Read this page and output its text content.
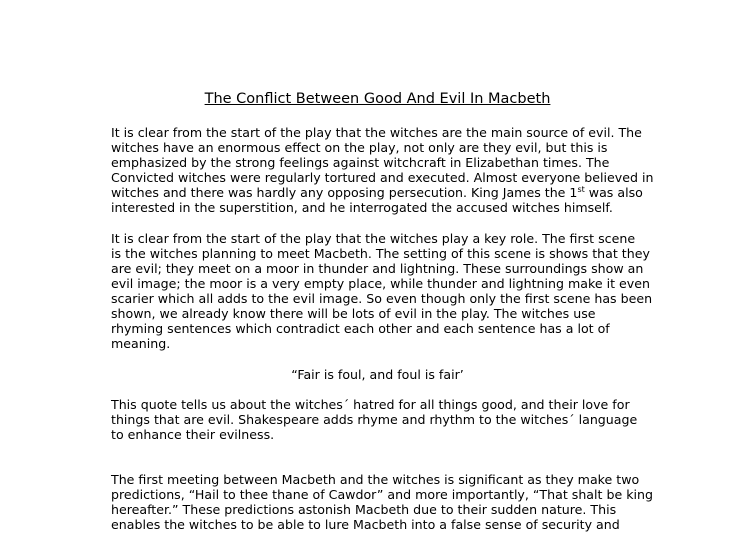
The Conflict Between Good And Evil In Macbeth
It is clear from the start of the play that the witches are the main source of evil. The
witches have an enormous effect on the play, not only are they evil, but this is
emphasized by the strong feelings against witchcraft in Elizabethan times. The
Convicted witches were regularly tortured and executed. Almost everyone believed in
witches and there was hardly any opposing persecution. King James the 1st was also
interested in the superstition, and he interrogated the accused witches himself.
It is clear from the start of the play that the witches play a key role. The first scene
is the witches planning to meet Macbeth. The setting of this scene is shows that they
are evil; they meet on a moor in thunder and lightning. These surroundings show an
evil image; the moor is a very empty place, while thunder and lightning make it even
scarier which all adds to the evil image. So even though only the first scene has been
shown, we already know there will be lots of evil in the play. The witches use
rhyming sentences which contradict each other and each sentence has a lot of
meaning.
“Fair is foul, and foul is fair’
This quote tells us about the witches´ hatred for all things good, and their love for
things that are evil. Shakespeare adds rhyme and rhythm to the witches´ language
to enhance their evilness.
The first meeting between Macbeth and the witches is significant as they make two
predictions, “Hail to thee thane of Cawdor” and more importantly, “That shalt be king
hereafter.” These predictions astonish Macbeth due to their sudden nature. This
enables the witches to be able to lure Macbeth into a false sense of security and
